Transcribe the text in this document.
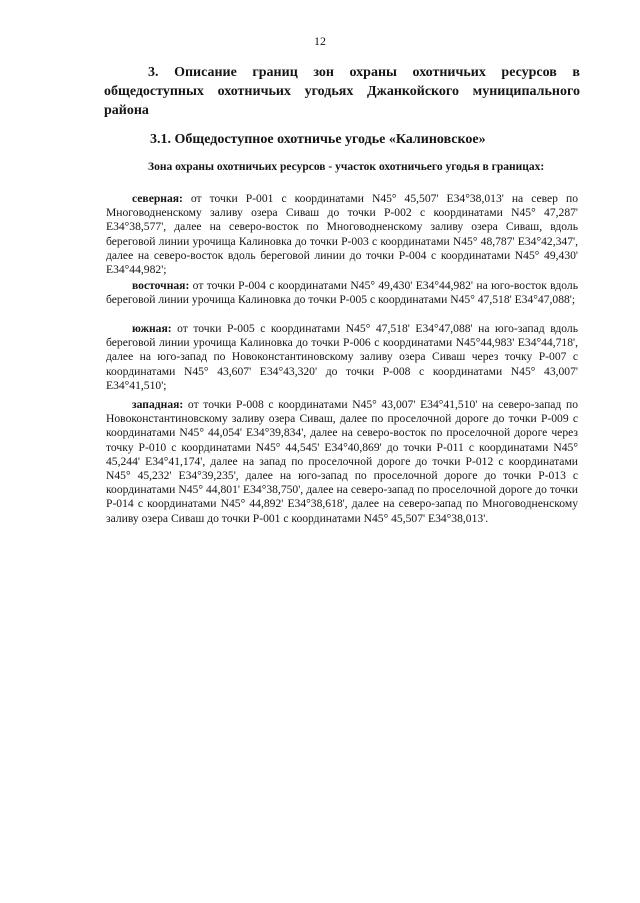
12
3. Описание границ зон охраны охотничьих ресурсов в общедоступных охотничьих угодьях Джанкойского муниципального района
3.1. Общедоступное охотничье угодье «Калиновское»
Зона охраны охотничьих ресурсов - участок охотничьего угодья в границах:

северная: от точки Р-001 с координатами N45° 45,507' Е34°38,013' на север по Многоводненскому заливу озера Сиваш до точки Р-002 с координатами N45° 47,287' Е34°38,577', далее на северо-восток по Многоводненскому заливу озера Сиваш, вдоль береговой линии урочища Калиновка до точки Р-003 с координатами N45° 48,787' Е34°42,347', далее на северо-восток вдоль береговой линии до точки Р-004 с координатами N45° 49,430' Е34°44,982';

восточная: от точки Р-004 с координатами N45° 49,430' Е34°44,982' на юго-восток вдоль береговой линии урочища Калиновка до точки Р-005 с координатами N45° 47,518' Е34°47,088';

южная: от точки Р-005 с координатами N45° 47,518' Е34°47,088' на юго-запад вдоль береговой линии урочища Калиновка до точки Р-006 с координатами N45°44,983' Е34°44,718', далее на юго-запад по Новоконстантиновскому заливу озера Сиваш через точку Р-007 с координатами N45° 43,607' Е34°43,320' до точки Р-008 с координатами N45° 43,007' Е34°41,510';

западная: от точки Р-008 с координатами N45° 43,007' Е34°41,510' на северо-запад по Новоконстантиновскому заливу озера Сиваш, далее по проселочной дороге до точки Р-009 с координатами N45° 44,054' Е34°39,834', далее на северо-восток по проселочной дороге через точку Р-010 с координатами N45° 44,545' Е34°40,869' до точки Р-011 с координатами N45° 45,244' Е34°41,174', далее на запад по проселочной дороге до точки Р-012 с координатами N45° 45,232' Е34°39,235', далее на юго-запад по проселочной дороге до точки Р-013 с координатами N45° 44,801' Е34°38,750', далее на северо-запад по проселочной дороге до точки Р-014 с координатами N45° 44,892' Е34°38,618', далее на северо-запад по Многоводненскому заливу озера Сиваш до точки Р-001 с координатами N45° 45,507' Е34°38,013'.
